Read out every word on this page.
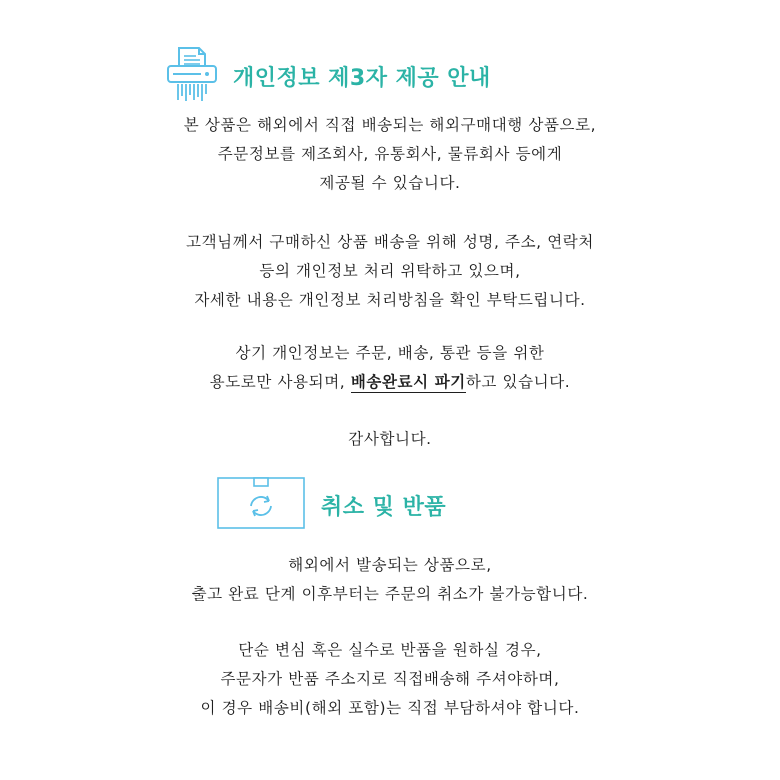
개인정보 제3자 제공 안내
본 상품은 해외에서 직접 배송되는 해외구매대행 상품으로,
주문정보를 제조회사, 유통회사, 물류회사 등에게
제공될 수 있습니다.
고객님께서 구매하신 상품 배송을 위해 성명, 주소, 연락처
등의 개인정보 처리 위탁하고 있으며,
자세한 내용은 개인정보 처리방침을 확인 부탁드립니다.
상기 개인정보는 주문, 배송, 통관 등을 위한
용도로만 사용되며, 배송완료시 파기하고 있습니다.
감사합니다.
취소 및 반품
해외에서 발송되는 상품으로,
출고 완료 단계 이후부터는 주문의 취소가 불가능합니다.
단순 변심 혹은 실수로 반품을 원하실 경우,
주문자가 반품 주소지로 직접배송해 주셔야하며,
이 경우 배송비(해외 포함)는 직접 부담하셔야 합니다.
